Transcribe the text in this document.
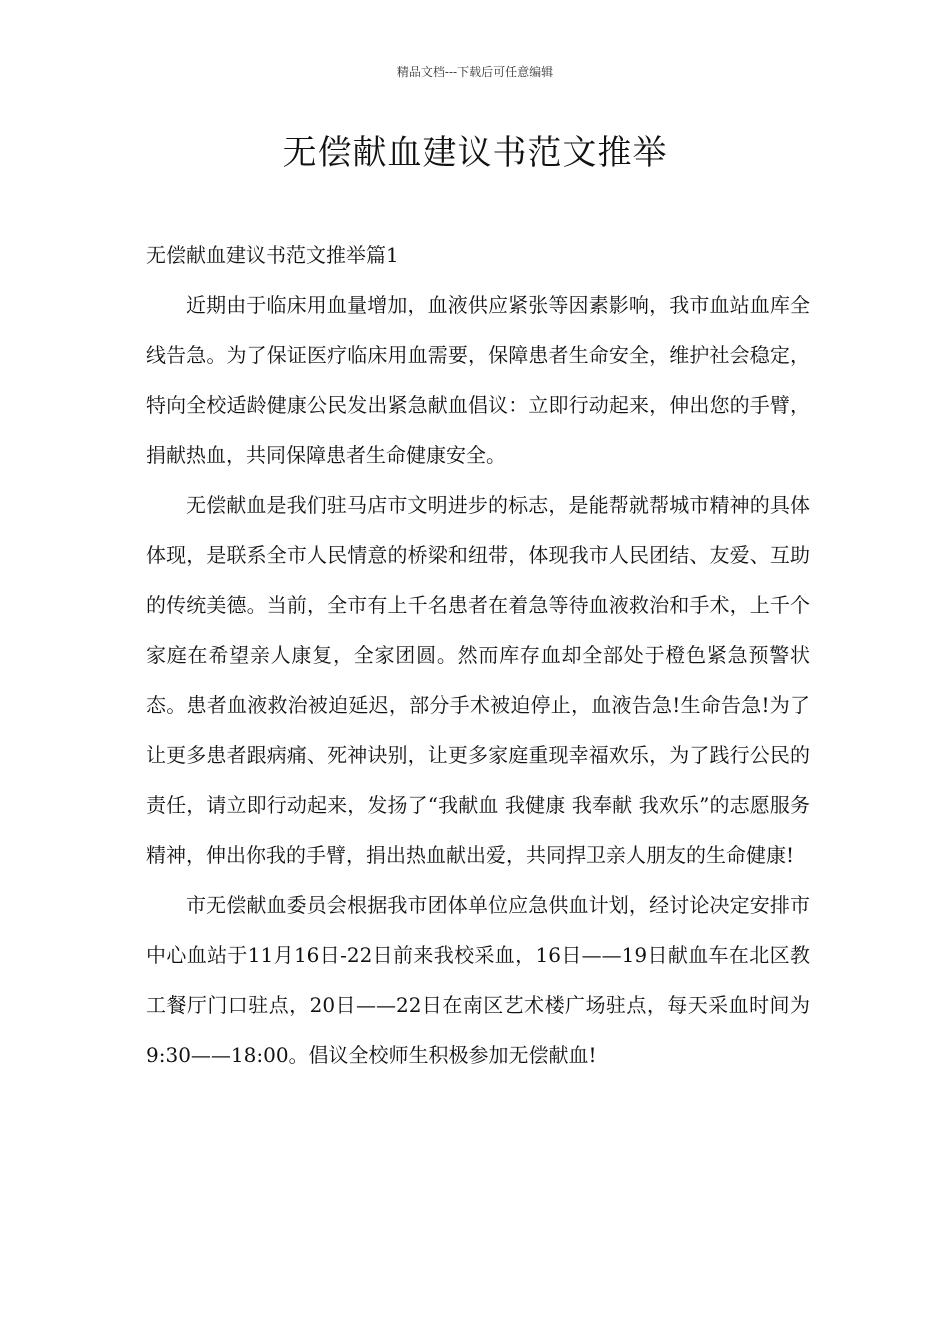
精品文档---下载后可任意编辑
无偿献血建议书范文推举

无偿献血建议书范文推举篇1

近期由于临床用血量增加，血液供应紧张等因素影响，我市血站血库全线告急。为了保证医疗临床用血需要，保障患者生命安全，维护社会稳定，特向全校适龄健康公民发出紧急献血倡议：立即行动起来，伸出您的手臂，捐献热血，共同保障患者生命健康安全。

无偿献血是我们驻马店市文明进步的标志，是能帮就帮城市精神的具体体现，是联系全市人民情意的桥梁和纽带，体现我市人民团结、友爱、互助的传统美德。当前，全市有上千名患者在着急等待血液救治和手术，上千个家庭在希望亲人康复，全家团圆。然而库存血却全部处于橙色紧急预警状态。患者血液救治被迫延迟，部分手术被迫停止，血液告急!生命告急!为了让更多患者跟病痛、死神诀别，让更多家庭重现幸福欢乐，为了践行公民的责任，请立即行动起来，发扬了“我献血 我健康 我奉献 我欢乐”的志愿服务精神，伸出你我的手臂，捐出热血献出爱，共同捍卫亲人朋友的生命健康!

市无偿献血委员会根据我市团体单位应急供血计划，经讨论决定安排市中心血站于11月16日-22日前来我校采血，16日——19日献血车在北区教工餐厅门口驻点，20日——22日在南区艺术楼广场驻点，每天采血时间为9:30——18:00。倡议全校师生积极参加无偿献血!
